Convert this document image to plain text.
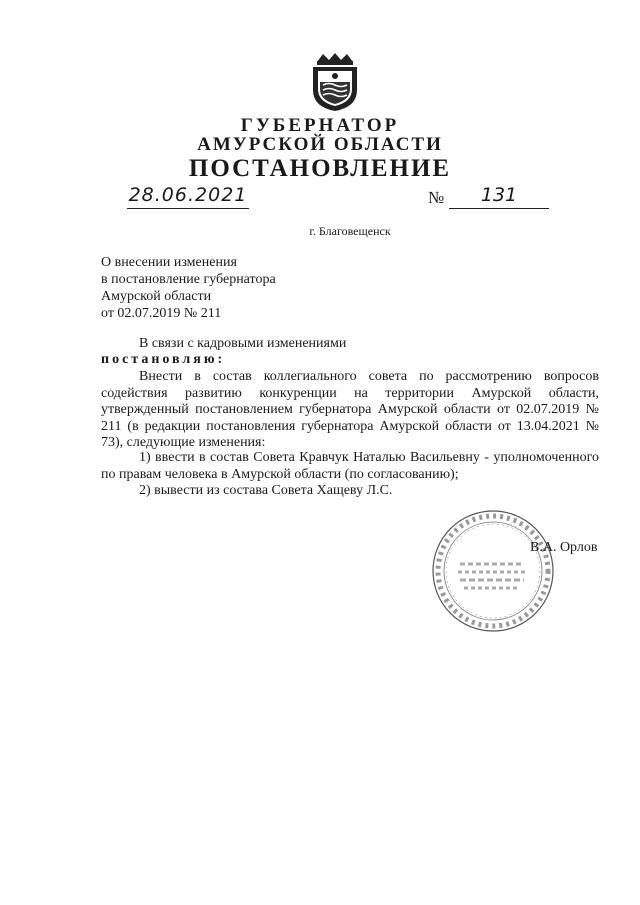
ГУБЕРНАТОР
АМУРСКОЙ ОБЛАСТИ
ПОСТАНОВЛЕНИЕ
28.06.2021	№	131
г. Благовещенск
О внесении изменения
в постановление губернатора
Амурской области
от 02.07.2019 № 211
В связи с кадровыми изменениями
постановляю:
Внести в состав коллегиального совета по рассмотрению вопросов содействия развитию конкуренции на территории Амурской области, утвержденный постановлением губернатора Амурской области от 02.07.2019 № 211 (в редакции постановления губернатора Амурской области от 13.04.2021 № 73), следующие изменения:
1) ввести в состав Совета Кравчук Наталью Васильевну - уполномоченного по правам человека в Амурской области (по согласованию);
2) вывести из состава Совета Хащеву Л.С.
В.А. Орлов
